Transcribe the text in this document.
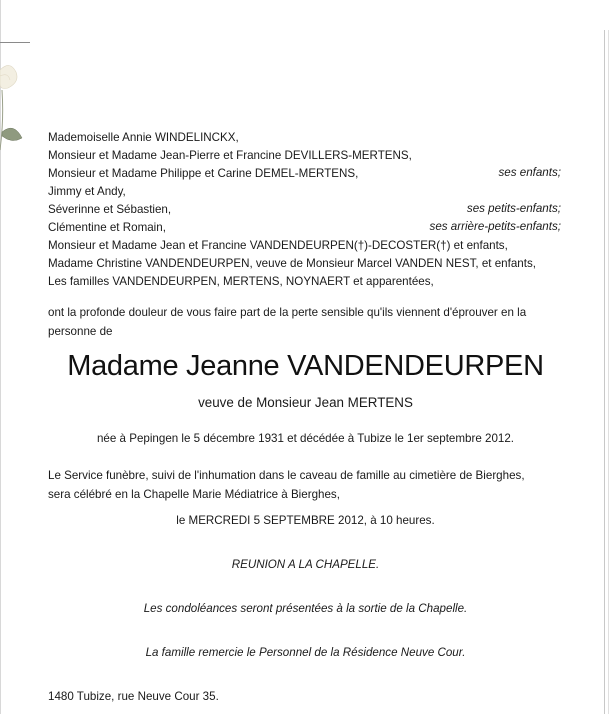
Mademoiselle Annie WINDELINCKX,
Monsieur et Madame Jean-Pierre et Francine DEVILLERS-MERTENS,
Monsieur et Madame Philippe et Carine DEMEL-MERTENS,	ses enfants;
Jimmy et Andy,
Séverinne et Sébastien,	ses petits-enfants;
Clémentine et Romain,	ses arrière-petits-enfants;
Monsieur et Madame Jean et Francine VANDENDEURPEN(†)-DECOSTER(†) et enfants,
Madame Christine VANDENDEURPEN, veuve de Monsieur Marcel VANDEN NEST, et enfants,
Les familles VANDENDEURPEN, MERTENS, NOYNAERT et apparentées,
ont la profonde douleur de vous faire part de la perte sensible qu'ils viennent d'éprouver en la personne de
Madame Jeanne VANDENDEURPEN
veuve de Monsieur Jean MERTENS
née à Pepingen le 5 décembre 1931 et décédée à Tubize le 1er septembre 2012.
Le Service funèbre, suivi de l'inhumation dans le caveau de famille au cimetière de Bierghes,
sera célébré en la Chapelle Marie Médiatrice à Bierghes,
le MERCREDI 5 SEPTEMBRE 2012, à 10 heures.
REUNION A LA CHAPELLE.
Les condoléances seront présentées à la sortie de la Chapelle.
La famille remercie le Personnel de la Résidence Neuve Cour.
1480 Tubize, rue Neuve Cour 35.
